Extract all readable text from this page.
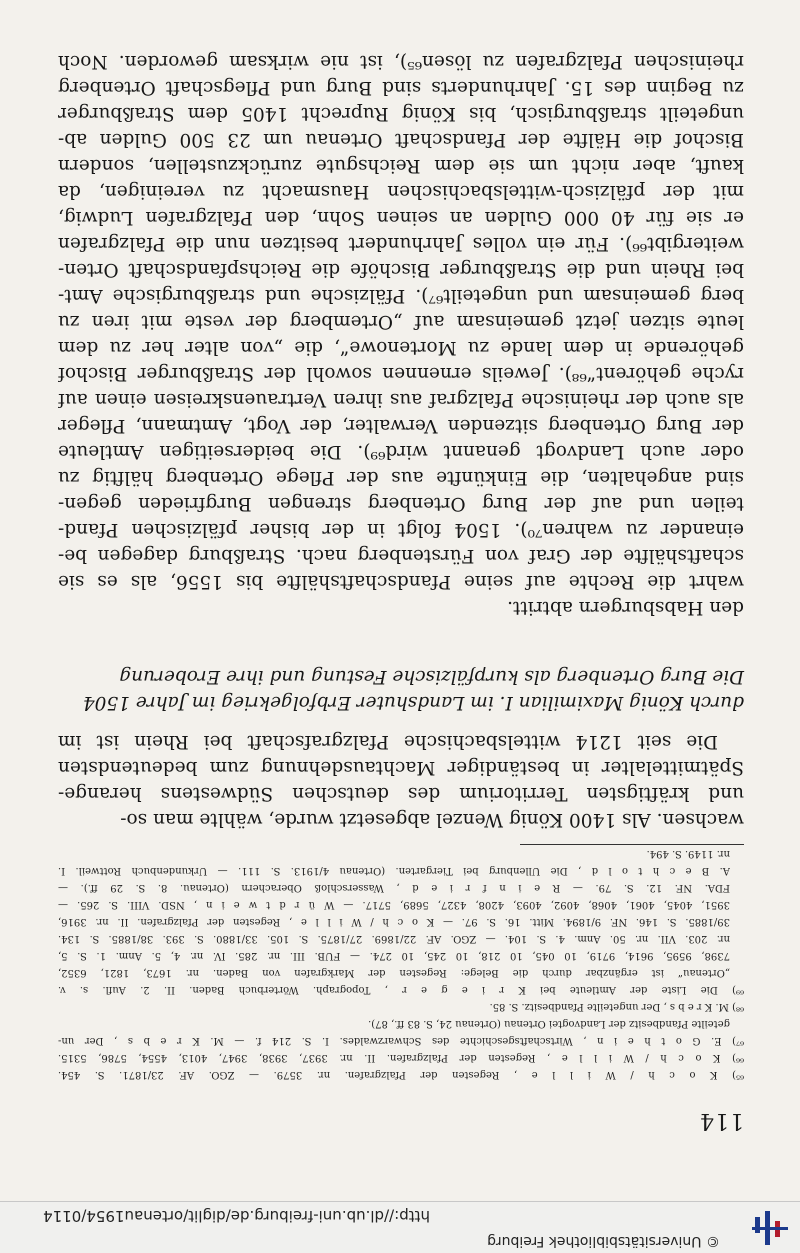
© Universitätsbibliothek Freiburg
http://dl.ub.uni-freiburg.de/diglit/ortenau1954/0114
114
⁶⁵) K o c h / W i l l e , Regesten der Pfalzgrafen. nr. 3579. — ZGO. AF. 23/1871. S. 454.
⁶⁶) K o c h / W i l l e , Regesten der Pfalzgrafen. II. nr. 3937, 3938, 3947, 4013, 4554, 5786, 5315.
⁶⁷) E. G o t h e i n , Wirtschaftsgeschichte des Schwarzwaldes. I. S. 214 f. — M. K r e b s , Der un-
geteilte Pfandbesitz der Landvogtei Ortenau (Ortenau 24, S. 83 ff., 87).
⁶⁸) M. K r e b s , Der ungeteilte Pfandbesitz. S. 85.
⁶⁹) Die Liste der Amtleute bei K r i e g e r , Topograph. Wörterbuch Baden. II. 2. Aufl. s. v.
„Ortenau“ ist ergänzbar durch die Belege: Regesten der Markgrafen von Baden. nr. 1673, 1821, 6352,
7398, 9595, 9614, 9719, 10 045, 10 218, 10 245, 10 274. — FUB. III. nr. 285. IV. nr. 4, 5. Anm. 1. S. 5,
nr. 203. VII. nr. 50. Anm. 4. S. 104. — ZGO. AF. 22/1869. 27/1875. S. 105. 33/1880. S. 393. 38/1885. S. 134.
39/1885. S. 146. NF. 9/1894. Mitt. 16. S. 97. — K o c h / W i l l e , Regesten der Pfalzgrafen. II. nr. 3916,
3951, 4045, 4061, 4068, 4092, 4093, 4208, 4327, 5689, 5717. — W ü r d t w e i n , NSD. VIII. S. 265. —
FDA. NF. 12. S. 79. — R e i n f r i e d , Wasserschloß Oberachern (Ortenau. 8. S. 29 ff.). —
A. B e c h t o l d , Die Ullenburg bei Tiergarten. (Ortenau 4/1913. S. 111. — Urkundenbuch Rottweil. I.
nr. 1149. S. 494.
wachsen. Als 1400 König Wenzel abgesetzt wurde, wählte man so-
und kräftigsten Territorium des deutschen Südwestens herange-
Spätmittelalter in beständiger Machtausdehnung zum bedeutendsten
Die seit 1214 wittelsbachische Pfalzgrafschaft bei Rhein ist im
durch König Maximilian I. im Landshuter Erbfolgekrieg im Jahre 1504
Die Burg Ortenberg als kurpfälzische Festung und ihre Eroberung
den Habsburgern abtritt.
wahrt die Rechte auf seine Pfandschaftshälfte bis 1556, als es sie
schaftshälfte der Graf von Fürstenberg nach. Straßburg dagegen be-
einander zu wahren⁷⁰). 1504 folgt in der bisher pfälzischen Pfand-
teilen und auf der Burg Ortenberg strengen Burgfrieden gegen-
sind angehalten, die Einkünfte aus der Pflege Ortenberg hälftig zu
oder auch Landvogt genannt wird⁶⁹). Die beiderseitigen Amtleute
der Burg Ortenberg sitzenden Verwalter, der Vogt, Amtmann, Pfleger
als auch der rheinische Pfalzgraf aus ihren Vertrauenskreisen einen auf
ryche gehörent“⁶⁸). Jeweils ernennen sowohl der Straßburger Bischof
gehörende in dem lande zu Mortenowe“, die „von alter her zu dem
leute sitzen jetzt gemeinsam auf „Ortemberg der veste mit iren zu
berg gemeinsam und ungeteilt⁶⁷). Pfälzische und straßburgische Amt-
bei Rhein und die Straßburger Bischöfe die Reichspfandschaft Orten-
weitergibt⁶⁶). Für ein volles Jahrhundert besitzen nun die Pfalzgrafen
er sie für 40 000 Gulden an seinen Sohn, den Pfalzgrafen Ludwig,
mit der pfälzisch-wittelsbachischen Hausmacht zu vereinigen, da
kauft, aber nicht um sie dem Reichsgute zurückzustellen, sondern
Bischof die Hälfte der Pfandschaft Ortenau um 23 500 Gulden ab-
ungeteilt straßburgisch, bis König Ruprecht 1405 dem Straßburger
zu Beginn des 15. Jahrhunderts sind Burg und Pflegschaft Ortenberg
rheinischen Pfalzgrafen zu lösen⁶⁵), ist nie wirksam geworden. Noch
